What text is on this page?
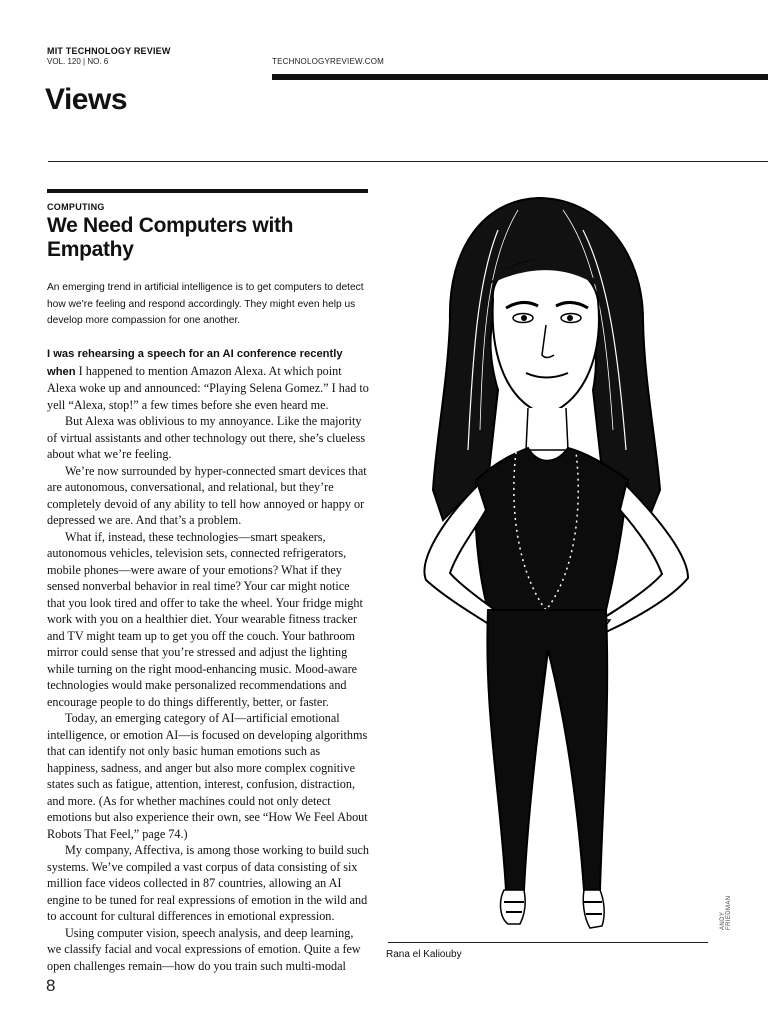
MIT TECHNOLOGY REVIEW
VOL. 120 | NO. 6	TECHNOLOGYREVIEW.COM
Views
COMPUTING
We Need Computers with Empathy
An emerging trend in artificial intelligence is to get computers to detect how we’re feeling and respond accordingly. They might even help us develop more compassion for one another.

I was rehearsing a speech for an AI conference recently when I happened to mention Amazon Alexa. At which point Alexa woke up and announced: “Playing Selena Gomez.” I had to yell “Alexa, stop!” a few times before she even heard me.

But Alexa was oblivious to my annoyance. Like the majority of virtual assistants and other technology out there, she’s clueless about what we’re feeling.

We’re now surrounded by hyper-connected smart devices that are autonomous, conversational, and relational, but they’re completely devoid of any ability to tell how annoyed or happy or depressed we are. And that’s a problem.

What if, instead, these technologies—smart speakers, autonomous vehicles, television sets, connected refrigerators, mobile phones—were aware of your emotions? What if they sensed nonverbal behavior in real time? Your car might notice that you look tired and offer to take the wheel. Your fridge might work with you on a healthier diet. Your wearable fitness tracker and TV might team up to get you off the couch. Your bathroom mirror could sense that you’re stressed and adjust the lighting while turning on the right mood-enhancing music. Mood-aware technologies would make personalized recommendations and encourage people to do things differently, better, or faster.

Today, an emerging category of AI—artificial emotional intelligence, or emotion AI—is focused on developing algorithms that can identify not only basic human emotions such as happiness, sadness, and anger but also more complex cognitive states such as fatigue, attention, interest, confusion, distraction, and more. (As for whether machines could not only detect emotions but also experience their own, see “How We Feel About Robots That Feel,” page 74.)

My company, Affectiva, is among those working to build such systems. We’ve compiled a vast corpus of data consisting of six million face videos collected in 87 countries, allowing an AI engine to be tuned for real expressions of emotion in the wild and to account for cultural differences in emotional expression.

Using computer vision, speech analysis, and deep learning, we classify facial and vocal expressions of emotion. Quite a few open challenges remain—how do you train such multi-modal

Rana el Kaliouby
ANDY FRIEDMAN
8
